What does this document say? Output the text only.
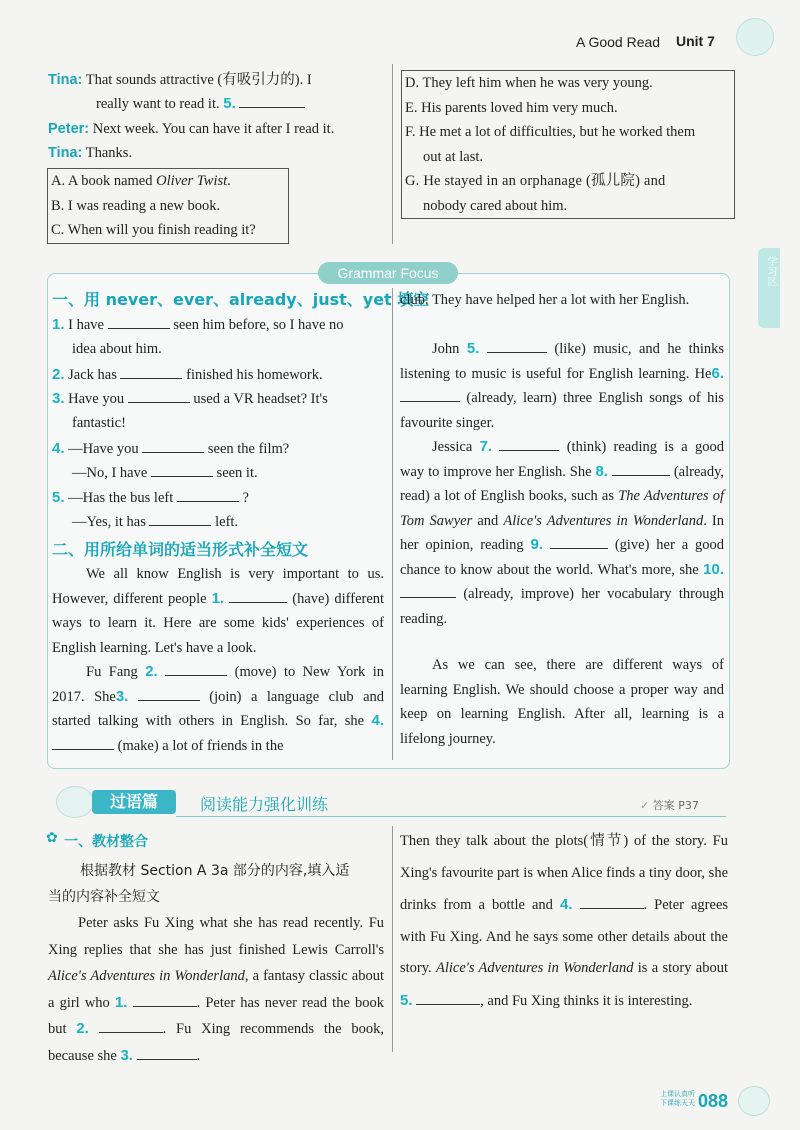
A Good Read Unit 7
学习区
Tina: That sounds attractive (有吸引力的). I
really want to read it. 5.
Peter: Next week. You can have it after I read it.
Tina: Thanks.
A. A book named Oliver Twist.
B. I was reading a new book.
C. When will you finish reading it?
D. They left him when he was very young.
E. His parents loved him very much.
F. He met a lot of difficulties, but he worked them
out at last.
G. He stayed in an orphanage (孤儿院) and
nobody cared about him.
Grammar Focus
一、用 never、ever、already、just、yet 填空
1. I have	seen him before, so I have no
idea about him.
2. Jack has	finished his homework.
3. Have you	used a VR headset? It's
fantastic!
4. —Have you	seen the film?
—No, I have	seen it.
5. —Has the bus left	?
—Yes, it has	left.
二、用所给单词的适当形式补全短文
We all know English is very important to us. However, different people 1.	(have) different ways to learn it. Here are some kids' experiences of English learning. Let's have a look.
Fu Fang 2.	(move) to New York in 2017. She3.	(join) a language club and started talking with others in English. So far, she 4.  (make) a lot of friends in the
club. They have helped her a lot with her English.
John 5.	(like) music, and he thinks listening to music is useful for English learning. He6.  (already, learn) three English songs of his favourite singer.
Jessica 7.	(think) reading is a good way to improve her English. She 8.	(already, read) a lot of English books, such as The Adventures of Tom Sawyer and Alice's Adventures in Wonderland. In her opinion, reading 9.	(give) her a good chance to know about the world. What's more, she 10.  (already, improve) her vocabulary through reading.
As we can see, there are different ways of learning English. We should choose a proper way and keep on learning English. After all, learning is a lifelong journey.
过语篇	阅读能力强化训练	✓ 答案 P37
✿ 一、教材整合
根据教材 Section A 3a 部分的内容,填入适
当的内容补全短文
Peter asks Fu Xing what she has read recently. Fu Xing replies that she has just finished Lewis Carroll's Alice's Adventures in Wonderland, a fantasy classic about a girl who 1.	. Peter has never read the book but 2.	. Fu Xing recommends the book, because she 3.	.
Then they talk about the plots(情节) of the story. Fu Xing's favourite part is when Alice finds a tiny door, she drinks from a bottle and 4.	. Peter agrees with Fu Xing. And he says some other details about the story. Alice's Adventures in Wonderland is a story about 5.	, and Fu Xing thinks it is interesting.
上课认真听
下课练天天 088
